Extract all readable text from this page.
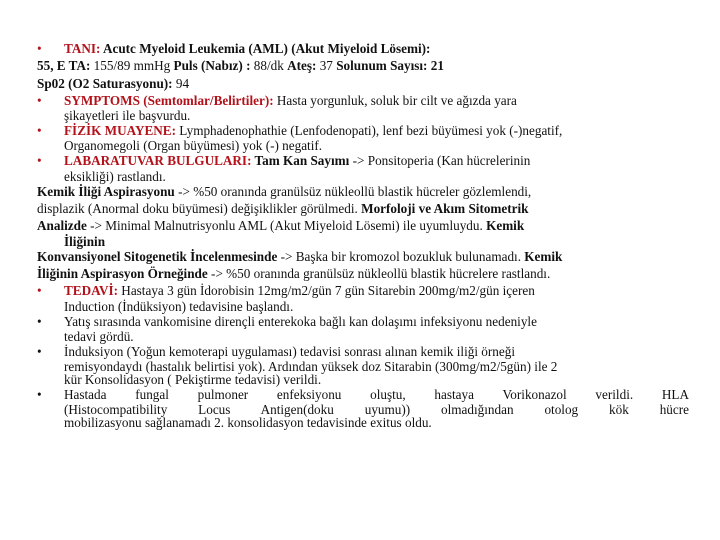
• TANI: Acutc Myeloid Leukemia (AML) (Akut Miyeloid Lösemi):
55, E TA: 155/89 mmHg Puls (Nabız) : 88/dk Ateş: 37 Solunum Sayısı: 21
Sp02 (O2 Saturasyonu): 94
• SYMPTOMS (Semtomlar/Belirtiler): Hasta yorgunluk, soluk bir cilt ve ağızda yara
şikayetleri ile başvurdu.
• FİZİK MUAYENE: Lymphadenophathie (Lenfodenopati), lenf bezi büyümesi yok (-)negatif,
Organomegoli (Organ büyümesi) yok (-) negatif.
• LABARATUVAR BULGULARI: Tam Kan Sayımı -> Ponsitoperia (Kan hücrelerinin
eksikliği) rastlandı.
Kemik İliği Aspirasyonu -> %50 oranında granülsüz nükleollü blastik hücreler gözlemlendi,
displazik (Anormal doku büyümesi) değişiklikler görülmedi. Morfoloji ve Akım Sitometrik
Analizde -> Minimal Malnutrisyonlu AML (Akut Miyeloid Lösemi) ile uyumluydu. Kemik
İliğinin
Konvansiyonel Sitogenetik İncelenmesinde -> Başka bir kromozol bozukluk bulunamadı. Kemik
İliğinin Aspirasyon Örneğinde -> %50 oranında granülsüz nükleollü blastik hücrelere rastlandı.
• TEDAVİ: Hastaya 3 gün İdorobisin 12mg/m2/gün 7 gün Sitarebin 200mg/m2/gün içeren
Induction (İndüksiyon) tedavisine başlandı.
• Yatış sırasında vankomisine dirençli enterekoka bağlı kan dolaşımı infeksiyonu nedeniyle
tedavi gördü.
• İnduksiyon (Yoğun kemoterapi uygulaması) tedavisi sonrası alınan kemik iliği örneği
remisyondaydı (hastalık belirtisi yok). Ardından yüksek doz Sitarabin (300mg/m2/5gün) ile 2
kür Konsolidasyon ( Pekiştirme tedavisi) verildi.
• Hastada fungal pulmoner enfeksiyonu oluştu, hastaya Vorikonazol verildi. HLA
(Histocompatibility Locus Antigen(doku uyumu)) olmadığından otolog kök hücre
mobilizasyonu sağlanamadı 2. konsolidasyon tedavisinde exitus oldu.
